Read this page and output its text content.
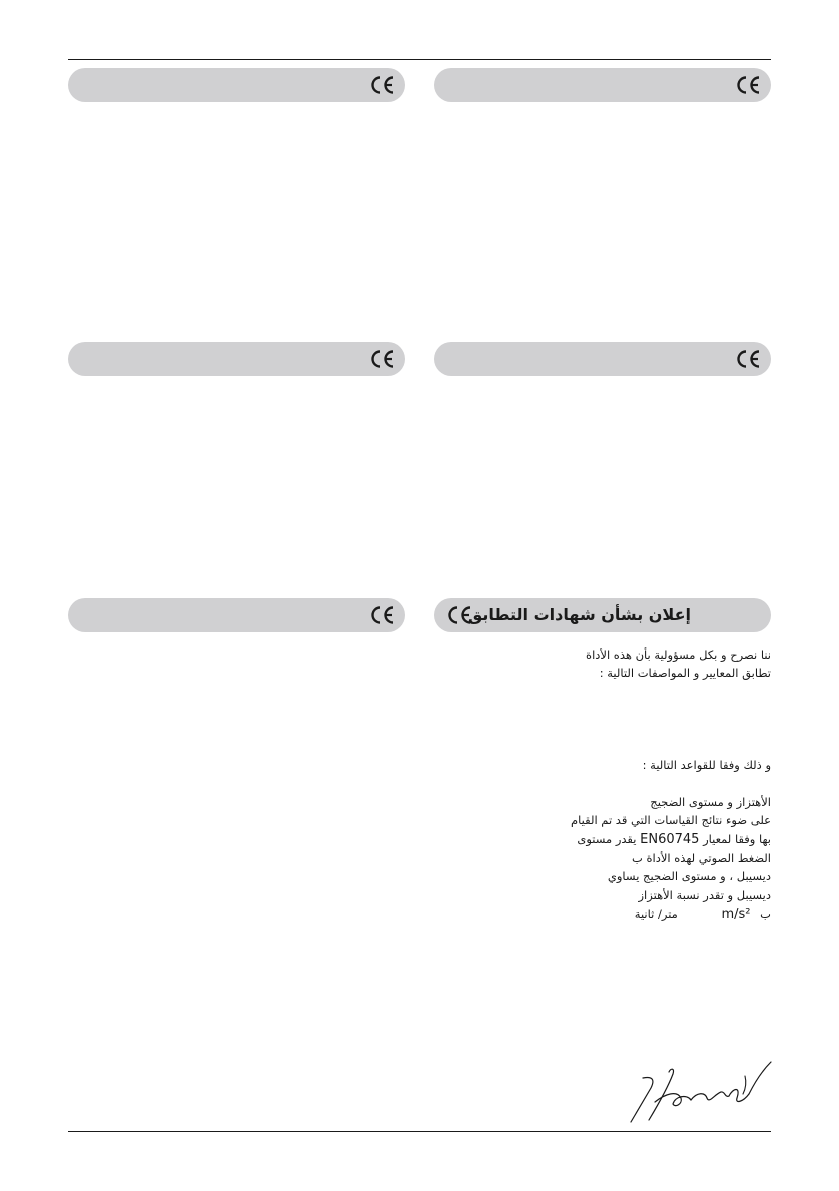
إعلان بشأن شهادات التطابق
ننا نصرح و بكل مسؤولية بأن هذه الأداة
تطابق المعايير و المواصفات التالية :
و ذلك وفقا للقواعد التالية :
الأهتزاز و مستوى الضجيج
على ضوء نتائج القياسات التي قد تم القيام
بها وفقا لمعيار EN60745 يقدر مستوى
الضغط الصوتي لهذه الأداة ب
ديسيبل ، و مستوى الضجيج يساوي
ديسيبل و تقدر نسبة الأهتزاز
ب m/s² متر/ ثانية
